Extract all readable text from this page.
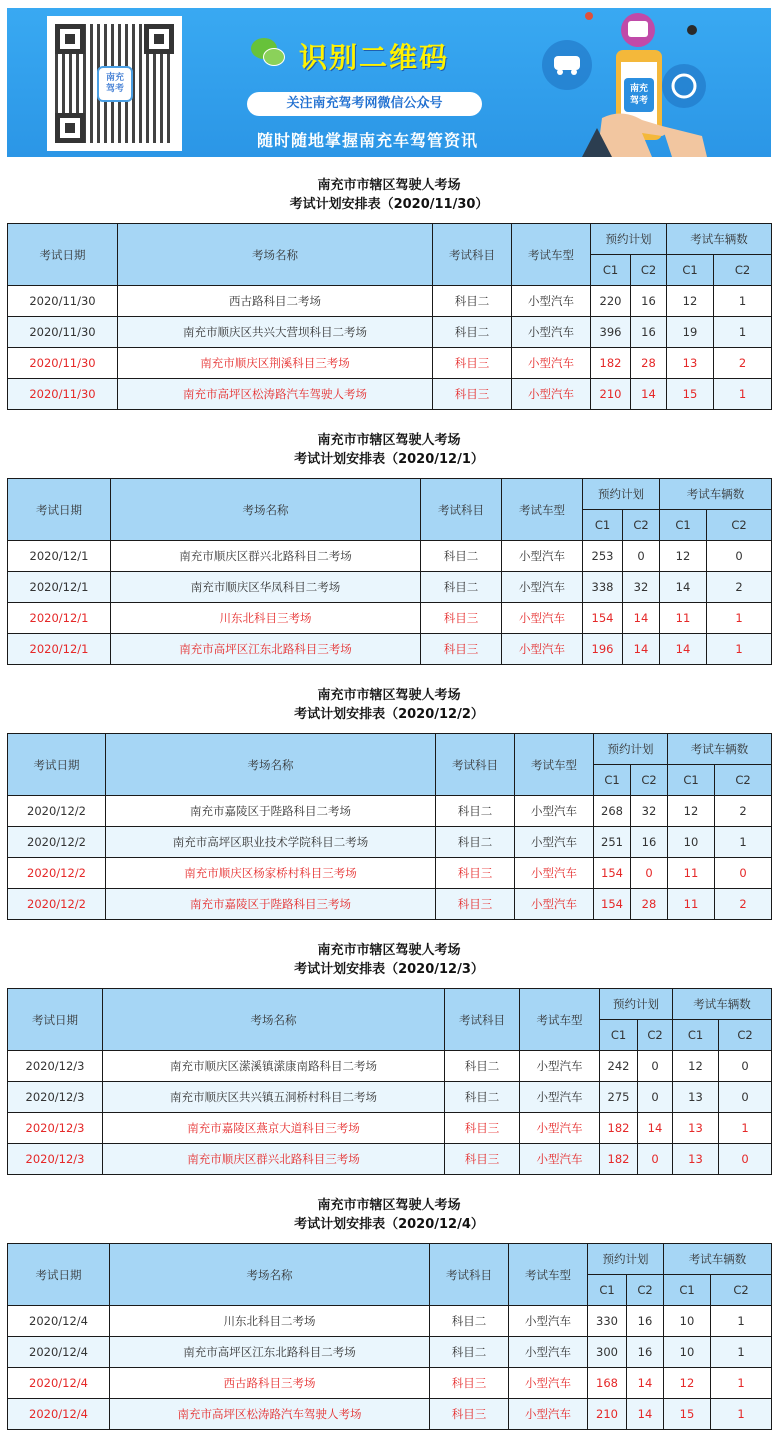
南充
驾考
识别二维码
关注南充驾考网微信公众号
随时随地掌握南充车驾管资讯
南充
驾考
南充市市辖区驾驶人考场
考试计划安排表（2020/11/30）
考试日期	考场名称	考试科目	考试车型	预约计划		考试车辆数	
				C1	C2	C1	C2
2020/11/30	西古路科目二考场	科目二	小型汽车	220	16	12	1
2020/11/30	南充市顺庆区共兴大营坝科目二考场	科目二	小型汽车	396	16	19	1
2020/11/30	南充市顺庆区荆溪科目三考场	科目三	小型汽车	182	28	13	2
2020/11/30	南充市高坪区松涛路汽车驾驶人考场	科目三	小型汽车	210	14	15	1
南充市市辖区驾驶人考场
考试计划安排表（2020/12/1）
考试日期	考场名称	考试科目	考试车型	预约计划		考试车辆数	
				C1	C2	C1	C2
2020/12/1	南充市顺庆区群兴北路科目二考场	科目二	小型汽车	253	0	12	0
2020/12/1	南充市顺庆区华凤科目二考场	科目二	小型汽车	338	32	14	2
2020/12/1	川东北科目三考场	科目三	小型汽车	154	14	11	1
2020/12/1	南充市高坪区江东北路科目三考场	科目三	小型汽车	196	14	14	1
南充市市辖区驾驶人考场
考试计划安排表（2020/12/2）
考试日期	考场名称	考试科目	考试车型	预约计划		考试车辆数	
				C1	C2	C1	C2
2020/12/2	南充市嘉陵区于陛路科目二考场	科目二	小型汽车	268	32	12	2
2020/12/2	南充市高坪区职业技术学院科目二考场	科目二	小型汽车	251	16	10	1
2020/12/2	南充市顺庆区杨家桥村科目三考场	科目三	小型汽车	154	0	11	0
2020/12/2	南充市嘉陵区于陛路科目三考场	科目三	小型汽车	154	28	11	2
南充市市辖区驾驶人考场
考试计划安排表（2020/12/3）
考试日期	考场名称	考试科目	考试车型	预约计划		考试车辆数	
				C1	C2	C1	C2
2020/12/3	南充市顺庆区潆溪镇潆康南路科目二考场	科目二	小型汽车	242	0	12	0
2020/12/3	南充市顺庆区共兴镇五洞桥村科目二考场	科目二	小型汽车	275	0	13	0
2020/12/3	南充市嘉陵区燕京大道科目三考场	科目三	小型汽车	182	14	13	1
2020/12/3	南充市顺庆区群兴北路科目三考场	科目三	小型汽车	182	0	13	0
南充市市辖区驾驶人考场
考试计划安排表（2020/12/4）
考试日期	考场名称	考试科目	考试车型	预约计划		考试车辆数	
				C1	C2	C1	C2
2020/12/4	川东北科目二考场	科目二	小型汽车	330	16	10	1
2020/12/4	南充市高坪区江东北路科目二考场	科目二	小型汽车	300	16	10	1
2020/12/4	西古路科目三考场	科目三	小型汽车	168	14	12	1
2020/12/4	南充市高坪区松涛路汽车驾驶人考场	科目三	小型汽车	210	14	15	1
